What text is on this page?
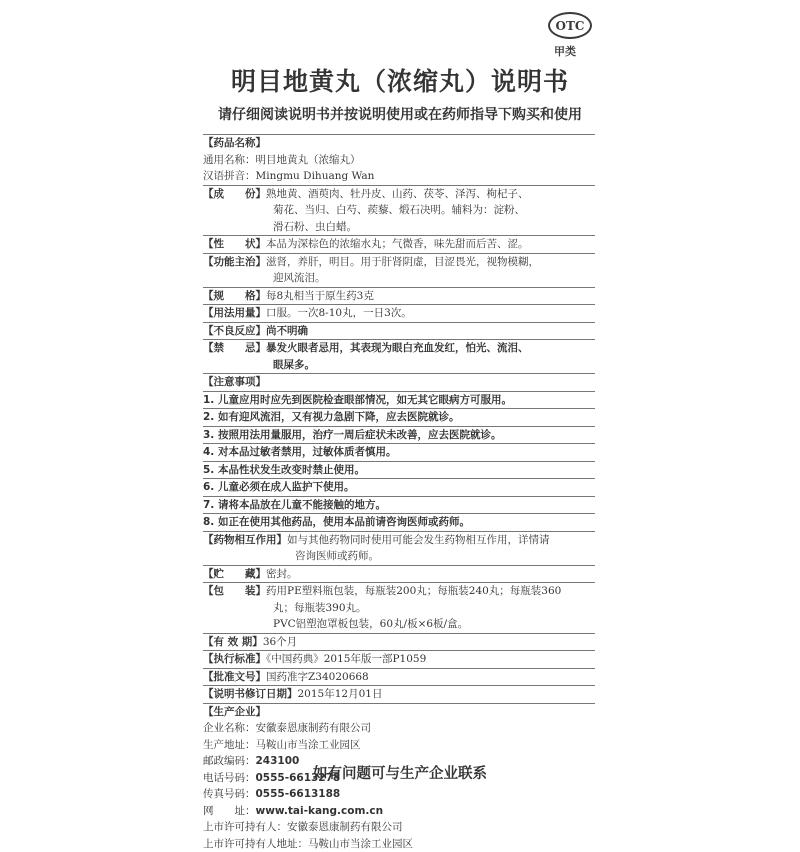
OTC
甲类
明目地黄丸（浓缩丸）说明书
请仔细阅读说明书并按说明使用或在药师指导下购买和使用
【药品名称】
通用名称：明目地黄丸（浓缩丸）
汉语拼音：Mingmu Dihuang Wan
【成　　份】熟地黄、酒萸肉、牡丹皮、山药、茯苓、泽泻、枸杞子、
菊花、当归、白芍、蒺藜、煅石决明。辅料为：淀粉、
滑石粉、虫白蜡。
【性　　状】本品为深棕色的浓缩水丸；气微香，味先甜而后苦、涩。
【功能主治】滋肾，养肝，明目。用于肝肾阴虚，目涩畏光，视物模糊，
迎风流泪。
【规　　格】每8丸相当于原生药3克
【用法用量】口服。一次8-10丸，一日3次。
【不良反应】尚不明确
【禁　　忌】暴发火眼者忌用，其表现为眼白充血发红，怕光、流泪、
眼屎多。
【注意事项】
1. 儿童应用时应先到医院检查眼部情况，如无其它眼病方可服用。
2. 如有迎风流泪，又有视力急剧下降，应去医院就诊。
3. 按照用法用量服用，治疗一周后症状未改善，应去医院就诊。
4. 对本品过敏者禁用，过敏体质者慎用。
5. 本品性状发生改变时禁止使用。
6. 儿童必须在成人监护下使用。
7. 请将本品放在儿童不能接触的地方。
8. 如正在使用其他药品，使用本品前请咨询医师或药师。
【药物相互作用】如与其他药物同时使用可能会发生药物相互作用，详情请
咨询医师或药师。
【贮　　藏】密封。
【包　　装】药用PE塑料瓶包装，每瓶装200丸；每瓶装240丸；每瓶装360
丸；每瓶装390丸。
PVC铝塑泡罩板包装，60丸/板×6板/盒。
【有 效 期】36个月
【执行标准】《中国药典》2015年版一部P1059
【批准文号】国药准字Z34020668
【说明书修订日期】2015年12月01日
【生产企业】
企业名称：安徽泰恩康制药有限公司
生产地址：马鞍山市当涂工业园区
邮政编码：243100
电话号码：0555-6613278
传真号码：0555-6613188
网　　址：www.tai-kang.com.cn
上市许可持有人：安徽泰恩康制药有限公司
上市许可持有人地址：马鞍山市当涂工业园区
如有问题可与生产企业联系
